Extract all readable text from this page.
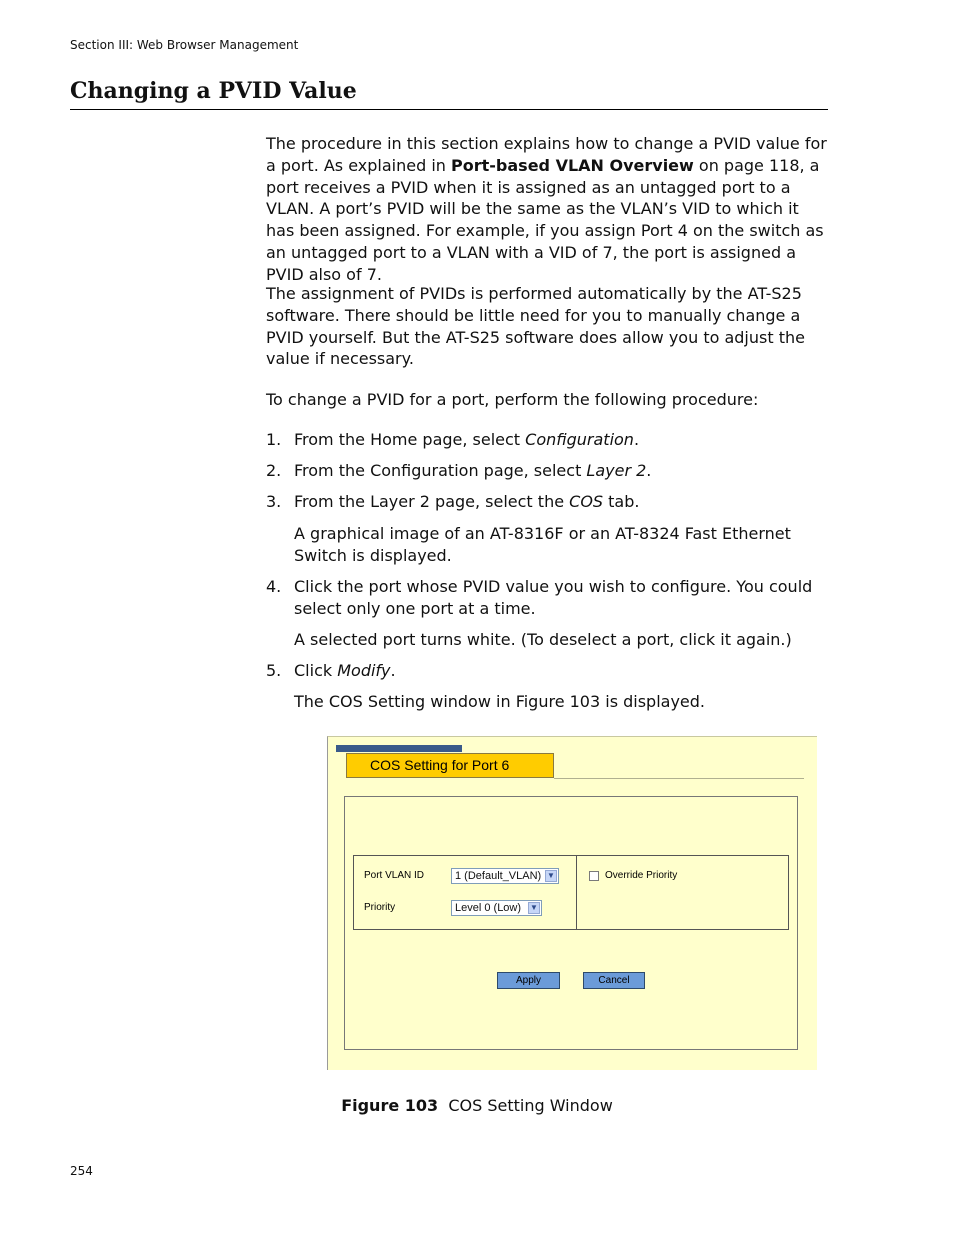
Section III: Web Browser Management
Changing a PVID Value
The procedure in this section explains how to change a PVID value for a port. As explained in Port-based VLAN Overview on page 118, a port receives a PVID when it is assigned as an untagged port to a VLAN. A port’s PVID will be the same as the VLAN’s VID to which it has been assigned. For example, if you assign Port 4 on the switch as an untagged port to a VLAN with a VID of 7, the port is assigned a PVID also of 7.
The assignment of PVIDs is performed automatically by the AT-S25 software. There should be little need for you to manually change a PVID yourself. But the AT-S25 software does allow you to adjust the value if necessary.
To change a PVID for a port, perform the following procedure:
1. From the Home page, select Configuration.
2. From the Configuration page, select Layer 2.
3. From the Layer 2 page, select the COS tab.
A graphical image of an AT-8316F or an AT-8324 Fast Ethernet Switch is displayed.
4. Click the port whose PVID value you wish to configure. You could select only one port at a time.
A selected port turns white. (To deselect a port, click it again.)
5. Click Modify.
The COS Setting window in Figure 103 is displayed.
COS Setting for Port 6
Port VLAN ID	1 (Default_VLAN) ▼
Priority	Level 0 (Low) ▼
Override Priority
Apply	Cancel
Figure 103 COS Setting Window
254
